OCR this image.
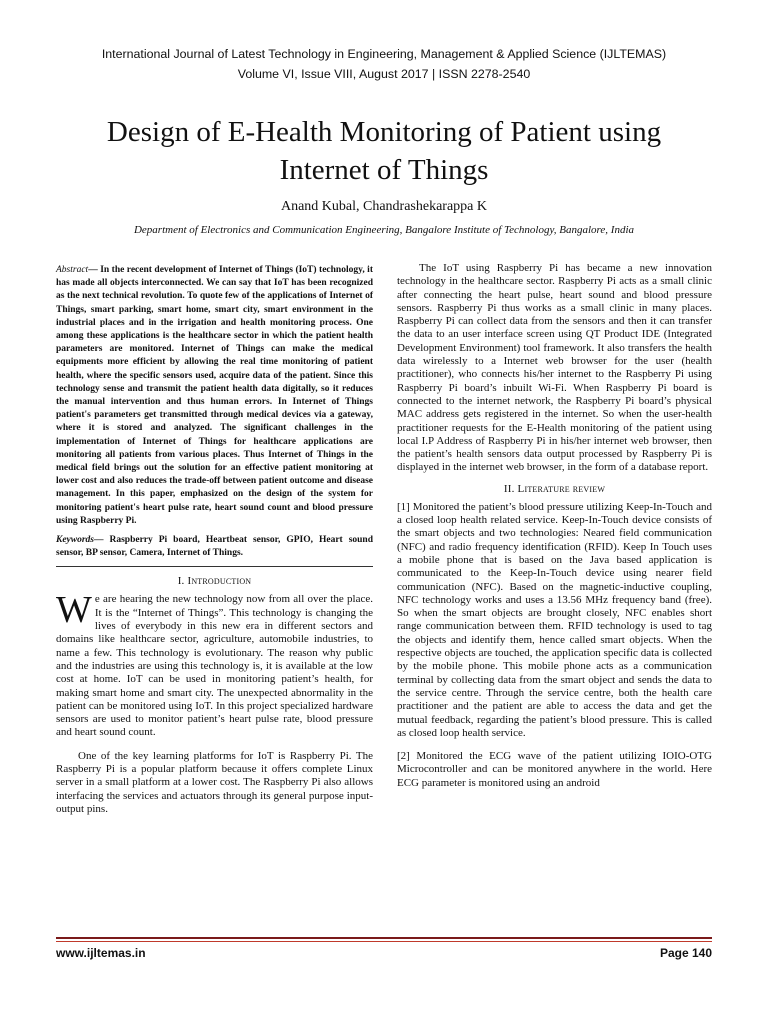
International Journal of Latest Technology in Engineering, Management & Applied Science (IJLTEMAS)
Volume VI, Issue VIII, August 2017 | ISSN 2278-2540
Design of E-Health Monitoring of Patient using
Internet of Things
Anand Kubal, Chandrashekarappa K
Department of Electronics and Communication Engineering, Bangalore Institute of Technology, Bangalore, India

Abstract— In the recent development of Internet of Things (IoT) technology, it has made all objects interconnected. We can say that IoT has been recognized as the next technical revolution. To quote few of the applications of Internet of Things, smart parking, smart home, smart city, smart environment in the industrial places and in the irrigation and health monitoring process. One among these applications is the healthcare sector in which the patient health parameters are monitored. Internet of Things can make the medical equipments more efficient by allowing the real time monitoring of patient health, where the specific sensors used, acquire data of the patient. Since this technology sense and transmit the patient health data digitally, so it reduces the manual intervention and thus human errors. In Internet of Things patient's parameters get transmitted through medical devices via a gateway, where it is stored and analyzed. The significant challenges in the implementation of Internet of Things for healthcare applications are monitoring all patients from various places. Thus Internet of Things in the medical field brings out the solution for an effective patient monitoring at lower cost and also reduces the trade-off between patient outcome and disease management. In this paper, emphasized on the design of the system for monitoring patient's heart pulse rate, heart sound count and blood pressure using Raspberry Pi.

Keywords— Raspberry Pi board, Heartbeat sensor, GPIO, Heart sound sensor, BP sensor, Camera, Internet of Things.

I. Introduction

We are hearing the new technology now from all over the place. It is the “Internet of Things”. This technology is changing the lives of everybody in this new era in different sectors and domains like healthcare sector, agriculture, automobile industries, to name a few. This technology is evolutionary. The reason why public and the industries are using this technology is, it is available at the low cost at home. IoT can be used in monitoring patient’s health, for making smart home and smart city. The unexpected abnormality in the patient can be monitored using IoT. In this project specialized hardware sensors are used to monitor patient’s heart pulse rate, blood pressure and heart sound count.

One of the key learning platforms for IoT is Raspberry Pi. The Raspberry Pi is a popular platform because it offers complete Linux server in a small platform at a lower cost. The Raspberry Pi also allows interfacing the services and actuators through its general purpose input-output pins.

The IoT using Raspberry Pi has became a new innovation technology in the healthcare sector. Raspberry Pi acts as a small clinic after connecting the heart pulse, heart sound and blood pressure sensors. Raspberry Pi thus works as a small clinic in many places. Raspberry Pi can collect data from the sensors and then it can transfer the data to an user interface screen using QT Product IDE (Integrated Development Environment) tool framework. It also transfers the health data wirelessly to a Internet web browser for the user (health practitioner), who connects his/her internet to the Raspberry Pi using Raspberry Pi board’s inbuilt Wi-Fi. When Raspberry Pi board is connected to the internet network, the Raspberry Pi board’s physical MAC address gets registered in the internet. So when the user-health practitioner requests for the E-Health monitoring of the patient using local I.P Address of Raspberry Pi in his/her internet web browser, then the patient’s health sensors data output processed by Raspberry Pi is displayed in the internet web browser, in the form of a database report.

II. Literature review

[1] Monitored the patient’s blood pressure utilizing Keep-In-Touch and a closed loop health related service. Keep-In-Touch device consists of the smart objects and two technologies: Neared field communication (NFC) and radio frequency identification (RFID). Keep In Touch uses a mobile phone that is based on the Java based application is communicated to the Keep-In-Touch device using nearer field communication (NFC). Based on the magnetic-inductive coupling, NFC technology works and uses a 13.56 MHz frequency band (free). So when the smart objects are brought closely, NFC enables short range communication between them. RFID technology is used to tag the objects and identify them, hence called smart objects. When the respective objects are touched, the application specific data is collected by the mobile phone. This mobile phone acts as a communication terminal by collecting data from the smart object and sends the data to the service centre. Through the service centre, both the health care practitioner and the patient are able to access the data and get the mutual feedback, regarding the patient’s blood pressure. This is called as closed loop health service.

[2] Monitored the ECG wave of the patient utilizing IOIO-OTG Microcontroller and can be monitored anywhere in the world. Here ECG parameter is monitored using an android

www.ijltemas.in	Page 140
